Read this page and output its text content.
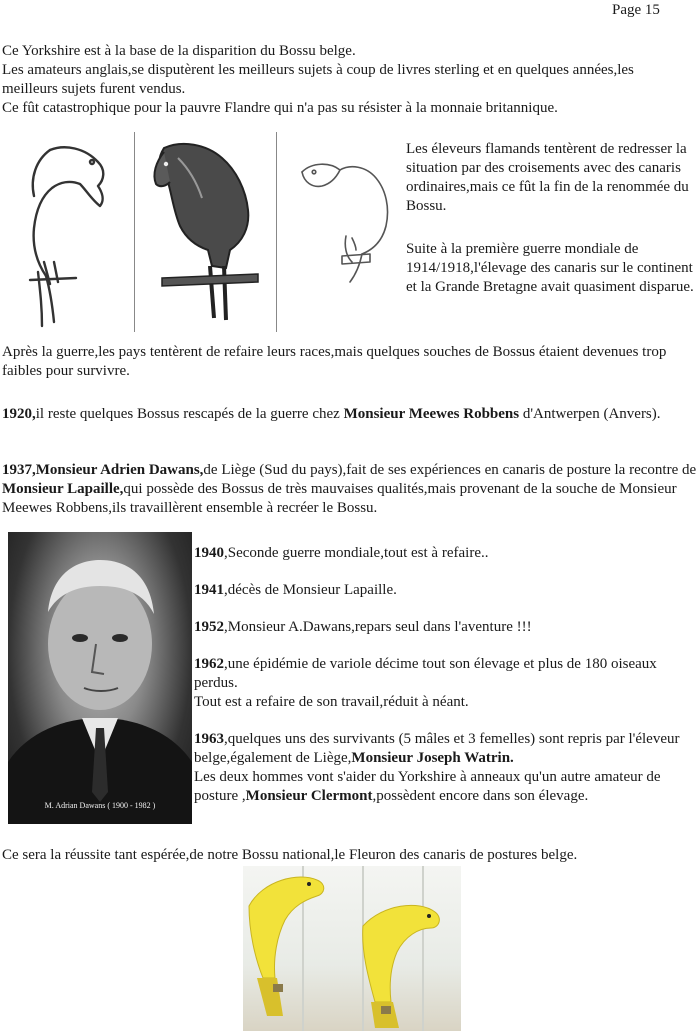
Page 15
Ce Yorkshire est à la base de la disparition du Bossu belge.
Les amateurs anglais,se disputèrent les meilleurs sujets à coup de livres sterling et en quelques années,les meilleurs sujets furent vendus.
Ce fût catastrophique pour la pauvre Flandre qui n'a pas su résister à la monnaie britannique.
Les éleveurs flamands tentèrent de redresser la situation par des croisements avec des canaris ordinaires,mais ce fût la fin de la renommée du Bossu.
Suite à la première guerre mondiale de 1914/1918,l'élevage des canaris sur le continent et la Grande Bretagne avait quasiment disparue.
Après la guerre,les pays tentèrent de refaire leurs races,mais quelques souches de Bossus étaient devenues trop faibles pour survivre.
1920,il reste quelques Bossus rescapés de la guerre chez Monsieur Meewes Robbens d'Antwerpen (Anvers).
1937,Monsieur Adrien Dawans,de Liège (Sud du pays),fait de ses expériences en canaris de posture la recontre de Monsieur Lapaille,qui possède des Bossus de très mauvaises qualités,mais provenant de la souche de Monsieur Meewes Robbens,ils travaillèrent ensemble à recréer le Bossu.
M. Adrian Dawans ( 1900 - 1982 )
1940,Seconde guerre mondiale,tout est à refaire..
1941,décès de Monsieur Lapaille.
1952,Monsieur A.Dawans,repars seul dans l'aventure !!!
1962,une épidémie de variole décime tout son élevage et plus de 180 oiseaux perdus.
Tout est a refaire de son travail,réduit à néant.
1963,quelques uns des survivants (5 mâles et 3 femelles) sont repris par l'éleveur belge,également de Liège,Monsieur Joseph Watrin.
Les deux hommes vont s'aider du Yorkshire à anneaux qu'un autre amateur de posture ,Monsieur Clermont,possèdent encore dans son élevage.
Ce sera la réussite tant espérée,de notre Bossu national,le Fleuron des canaris de postures belge.
